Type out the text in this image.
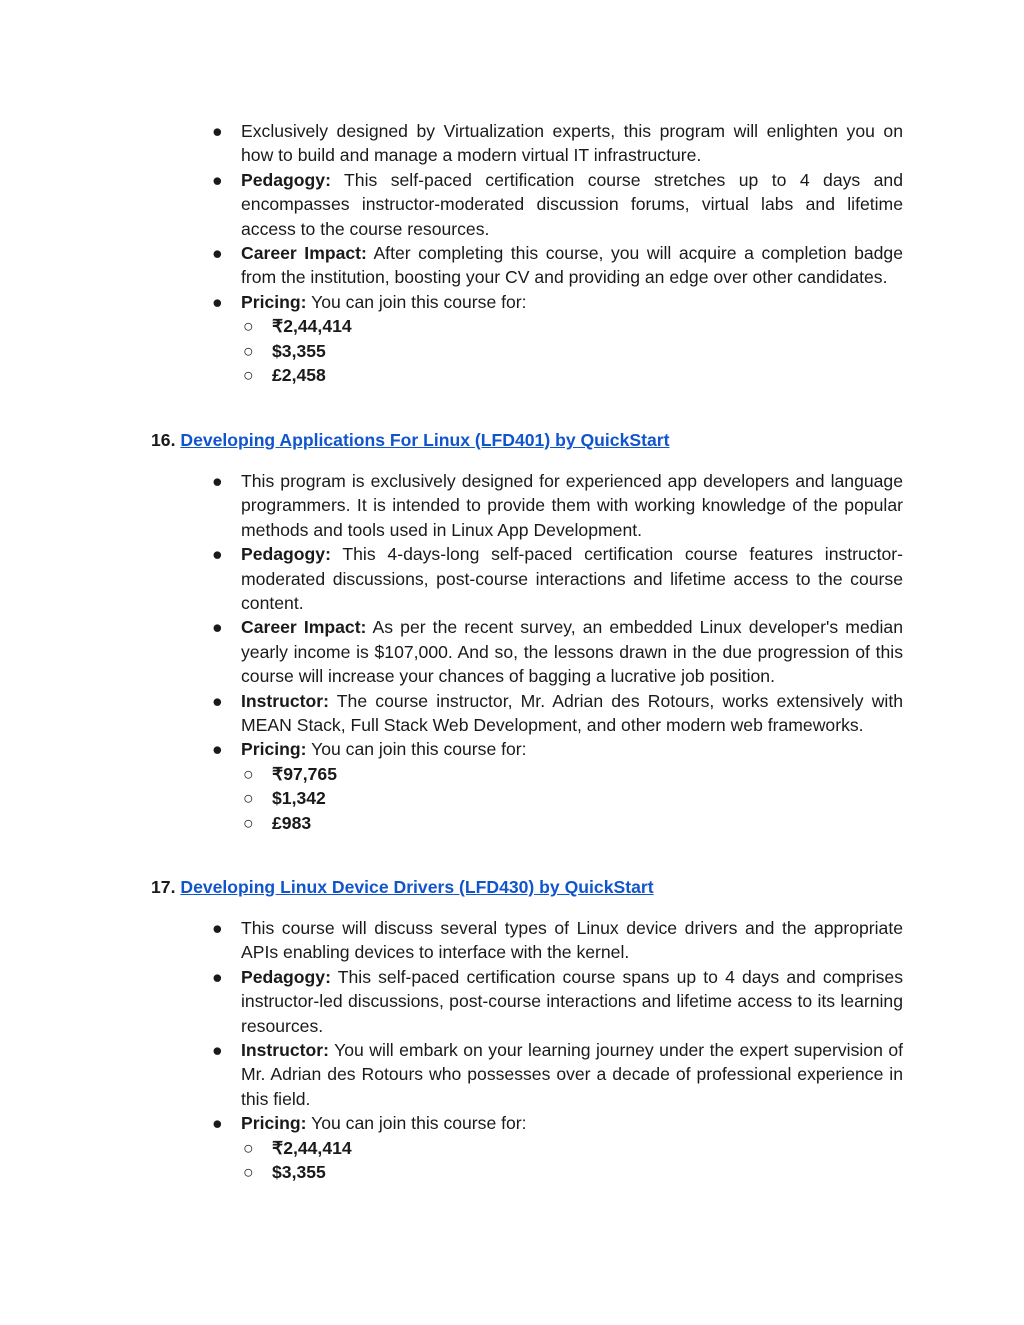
●	Exclusively designed by Virtualization experts, this program will enlighten you on how to build and manage a modern virtual IT infrastructure.
●	Pedagogy: This self-paced certification course stretches up to 4 days and encompasses instructor-moderated discussion forums, virtual labs and lifetime access to the course resources.
●	Career Impact: After completing this course, you will acquire a completion badge from the institution, boosting your CV and providing an edge over other candidates.
●	Pricing: You can join this course for:
○ ₹2,44,414
○ $3,355
○ £2,458
16. Developing Applications For Linux (LFD401) by QuickStart
●	This program is exclusively designed for experienced app developers and language programmers. It is intended to provide them with working knowledge of the popular methods and tools used in Linux App Development.
●	Pedagogy: This 4-days-long self-paced certification course features instructor-moderated discussions, post-course interactions and lifetime access to the course content.
●	Career Impact: As per the recent survey, an embedded Linux developer's median yearly income is $107,000. And so, the lessons drawn in the due progression of this course will increase your chances of bagging a lucrative job position.
●	Instructor: The course instructor, Mr. Adrian des Rotours, works extensively with MEAN Stack, Full Stack Web Development, and other modern web frameworks.
●	Pricing: You can join this course for:
○ ₹97,765
○ $1,342
○ £983
17. Developing Linux Device Drivers (LFD430) by QuickStart
●	This course will discuss several types of Linux device drivers and the appropriate APIs enabling devices to interface with the kernel.
●	Pedagogy: This self-paced certification course spans up to 4 days and comprises instructor-led discussions, post-course interactions and lifetime access to its learning resources.
●	Instructor: You will embark on your learning journey under the expert supervision of Mr. Adrian des Rotours who possesses over a decade of professional experience in this field.
●	Pricing: You can join this course for:
○ ₹2,44,414
○ $3,355
